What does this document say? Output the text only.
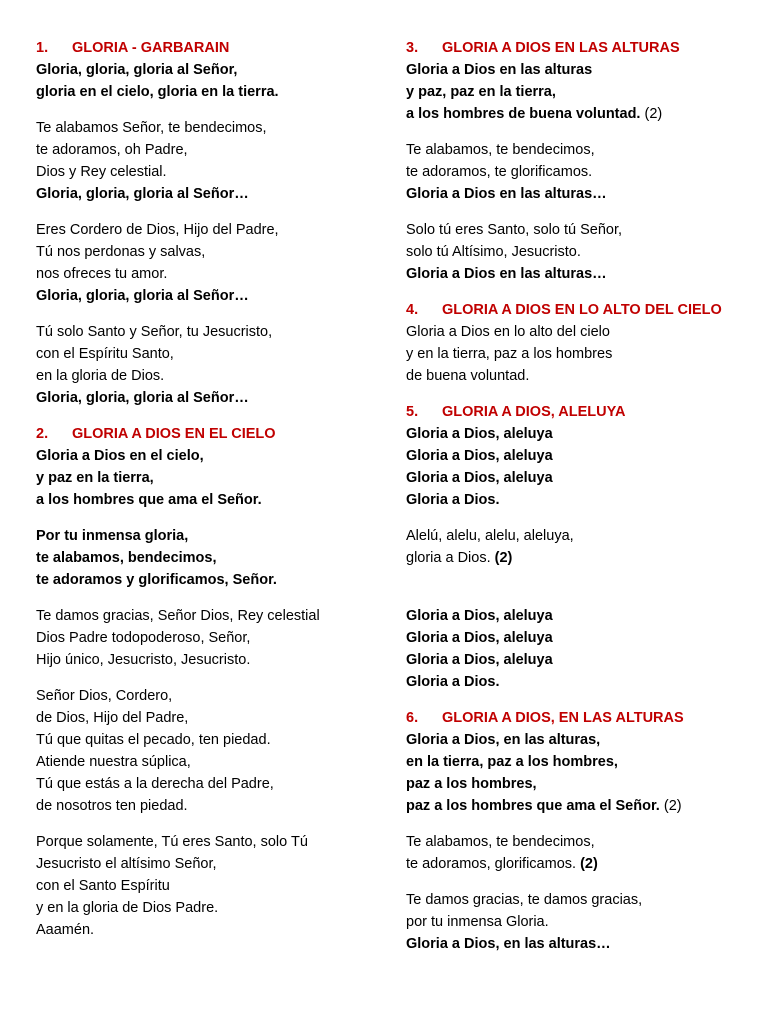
1. GLORIA - GARBARAIN
Gloria, gloria, gloria al Señor,
gloria en el cielo, gloria en la tierra.
Te alabamos Señor, te bendecimos,
te adoramos, oh Padre,
Dios y Rey celestial.
Gloria, gloria, gloria al Señor…
Eres Cordero de Dios, Hijo del Padre,
Tú nos perdonas y salvas,
nos ofreces tu amor.
Gloria, gloria, gloria al Señor…
Tú solo Santo y Señor, tu Jesucristo,
con el Espíritu Santo,
en la gloria de Dios.
Gloria, gloria, gloria al Señor…
2. GLORIA A DIOS EN EL CIELO
Gloria a Dios en el cielo,
y paz en la tierra,
a los hombres que ama el Señor.
Por tu inmensa gloria,
te alabamos, bendecimos,
te adoramos y glorificamos, Señor.
Te damos gracias, Señor Dios, Rey celestial
Dios Padre todopoderoso, Señor,
Hijo único, Jesucristo, Jesucristo.
Señor Dios, Cordero,
de Dios, Hijo del Padre,
Tú que quitas el pecado, ten piedad.
Atiende nuestra súplica,
Tú que estás a la derecha del Padre,
de nosotros ten piedad.
Porque solamente, Tú eres Santo, solo Tú
Jesucristo el altísimo Señor,
con el Santo Espíritu
y en la gloria de Dios Padre.
Aaamén.
3. GLORIA A DIOS EN LAS ALTURAS
Gloria a Dios en las alturas
y paz, paz en la tierra,
a los hombres de buena voluntad. (2)
Te alabamos, te bendecimos,
te adoramos, te glorificamos.
Gloria a Dios en las alturas…
Solo tú eres Santo, solo tú Señor,
solo tú Altísimo, Jesucristo.
Gloria a Dios en las alturas…
4. GLORIA A DIOS EN LO ALTO DEL CIELO
Gloria a Dios en lo alto del cielo
y en la tierra, paz a los hombres
de buena voluntad.
5. GLORIA A DIOS, ALELUYA
Gloria a Dios, aleluya
Gloria a Dios, aleluya
Gloria a Dios, aleluya
Gloria a Dios.
Alelú, alelu, alelu, aleluya,
gloria a Dios. (2)
Gloria a Dios, aleluya
Gloria a Dios, aleluya
Gloria a Dios, aleluya
Gloria a Dios.
6. GLORIA A DIOS, EN LAS ALTURAS
Gloria a Dios, en las alturas,
en la tierra, paz a los hombres,
paz a los hombres,
paz a los hombres que ama el Señor. (2)
Te alabamos, te bendecimos,
te adoramos, glorificamos. (2)
Te damos gracias, te damos gracias,
por tu inmensa Gloria.
Gloria a Dios, en las alturas…
